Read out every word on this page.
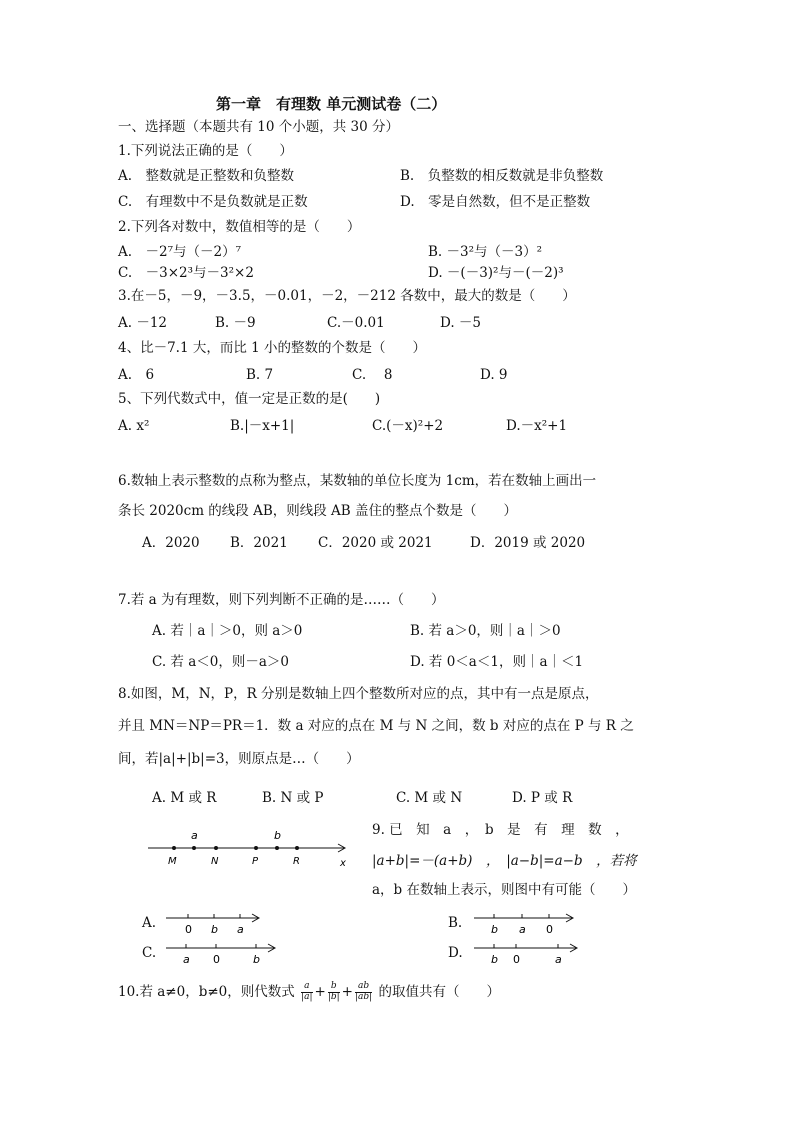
第一章　有理数 单元测试卷（二）
一、选择题（本题共有 10 个小题，共 30 分）
1.下列说法正确的是（　　）
A.　整数就是正整数和负整数	B.　负整数的相反数就是非负整数
C.　有理数中不是负数就是正数	D.　零是自然数，但不是正整数
2.下列各对数中，数值相等的是（　　）
A.　－2⁷与（－2）⁷	B. －3²与（－3）²
C.　－3×2³与－3²×2	D. －(－3)²与－(－2)³
3.在－5，－9，－3.5，－0.01，－2，－212 各数中，最大的数是（　　）
A. －12	B. －9	C.－0.01	D. －5
4、比－7.1 大，而比 1 小的整数的个数是（　　）
A.　6	B. 7	C.　 8	D. 9
5、下列代数式中，值一定是正数的是(　　)
A. x²	B.|－x+1|	C.(－x)²+2	D.－x²+1
6.数轴上表示整数的点称为整点，某数轴的单位长度为 1cm，若在数轴上画出一
条长 2020cm 的线段 AB，则线段 AB 盖住的整点个数是（　　）
A．2020 B．2021 C．2020 或 2021	D．2019 或 2020
7.若 a 为有理数，则下列判断不正确的是……（　　）
A. 若｜a｜＞0，则 a＞0	B. 若 a＞0，则｜a｜＞0
C. 若 a＜0，则－a＞0	D. 若 0＜a＜1，则｜a｜＜1
8.如图，M，N，P，R 分别是数轴上四个整数所对应的点，其中有一点是原点，
并且 MN＝NP＝PR＝1．数 a 对应的点在 M 与 N 之间，数 b 对应的点在 P 与 R 之
间，若|a|+|b|=3，则原点是…（　　）
A. M 或 R	B. N 或 P	C. M 或 N	D. P 或 R
a	b
M	N	P	R	x
9. 已　知　a　，　b　是　有　理　数　，
|a+b|=－(a+b)　，　|a−b|=a−b　，若将
a，b 在数轴上表示，则图中有可能（　　）
A.	0 b a	B.	b a 0
C. a 0	b	D.	b 0	a
10.若 a≠0，b≠0，则代数式 $\frac{a}{|a|} + \frac{b}{|b|} + \frac{ab}{|ab|}$ 的取值共有（　　）
